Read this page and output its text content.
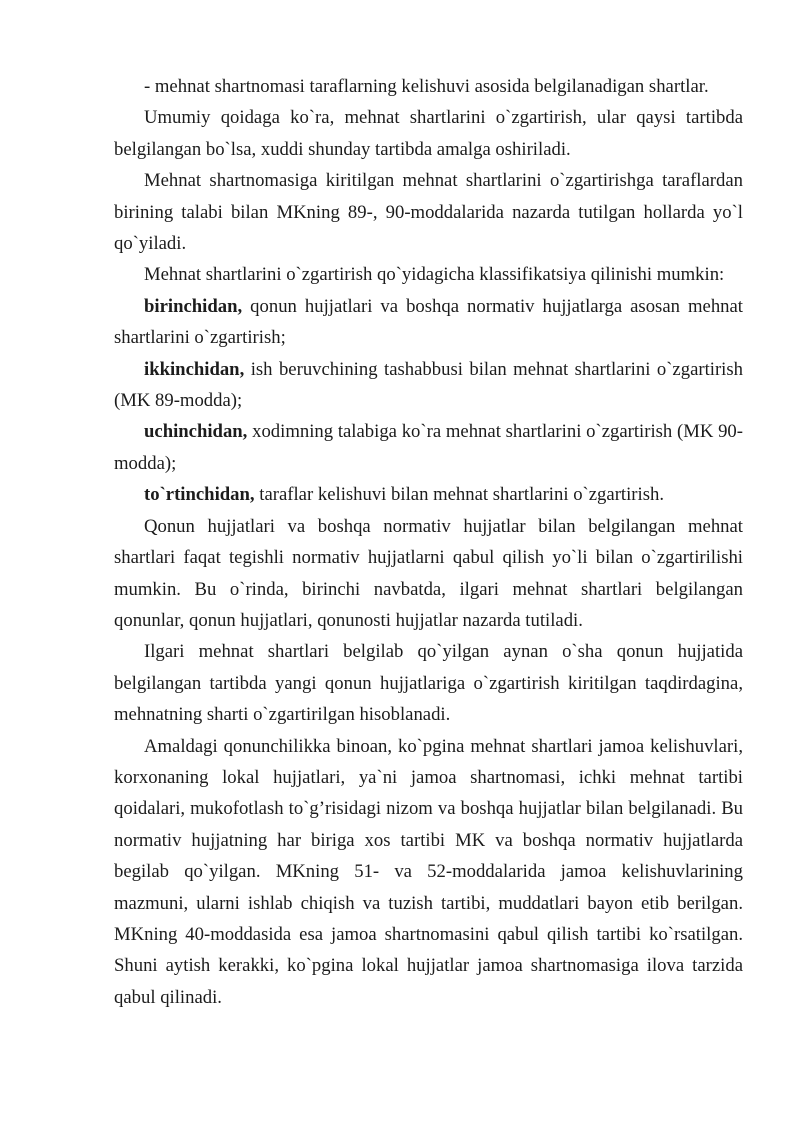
- mehnat shartnomasi taraflarning kelishuvi asosida belgilanadigan shartlar.

Umumiy qoidaga ko`ra, mehnat shartlarini o`zgartirish, ular qaysi tartibda belgilangan bo`lsa, xuddi shunday tartibda amalga oshiriladi.

Mehnat shartnomasiga kiritilgan mehnat shartlarini o`zgartirishga taraflardan birining talabi bilan MKning 89-, 90-moddalarida nazarda tutilgan hollarda yo`l qo`yiladi.

Mehnat shartlarini o`zgartirish qo`yidagicha klassifikatsiya qilinishi mumkin:

birinchidan, qonun hujjatlari va boshqa normativ hujjatlarga asosan mehnat shartlarini o`zgartirish;

ikkinchidan, ish beruvchining tashabbusi bilan mehnat shartlarini o`zgartirish (MK 89-modda);

uchinchidan, xodimning talabiga ko`ra mehnat shartlarini o`zgartirish (MK 90-modda);

to`rtinchidan, taraflar kelishuvi bilan mehnat shartlarini o`zgartirish.

Qonun hujjatlari va boshqa normativ hujjatlar bilan belgilangan mehnat shartlari faqat tegishli normativ hujjatlarni qabul qilish yo`li bilan o`zgartirilishi mumkin. Bu o`rinda, birinchi navbatda, ilgari mehnat shartlari belgilangan qonunlar, qonun hujjatlari, qonunosti hujjatlar nazarda tutiladi.

Ilgari mehnat shartlari belgilab qo`yilgan aynan o`sha qonun hujjatida belgilangan tartibda yangi qonun hujjatlariga o`zgartirish kiritilgan taqdirdagina, mehnatning sharti o`zgartirilgan hisoblanadi.

Amaldagi qonunchilikka binoan, ko`pgina mehnat shartlari jamoa kelishuvlari, korxonaning lokal hujjatlari, ya`ni jamoa shartnomasi, ichki mehnat tartibi qoidalari, mukofotlash to`g’risidagi nizom va boshqa hujjatlar bilan belgilanadi. Bu normativ hujjatning har biriga xos tartibi MK va boshqa normativ hujjatlarda begilab qo`yilgan. MKning 51- va 52-moddalarida jamoa kelishuvlarining mazmuni, ularni ishlab chiqish va tuzish tartibi, muddatlari bayon etib berilgan. MKning 40-moddasida esa jamoa shartnomasini qabul qilish tartibi ko`rsatilgan. Shuni aytish kerakki, ko`pgina lokal hujjatlar jamoa shartnomasiga ilova tarzida qabul qilinadi.
